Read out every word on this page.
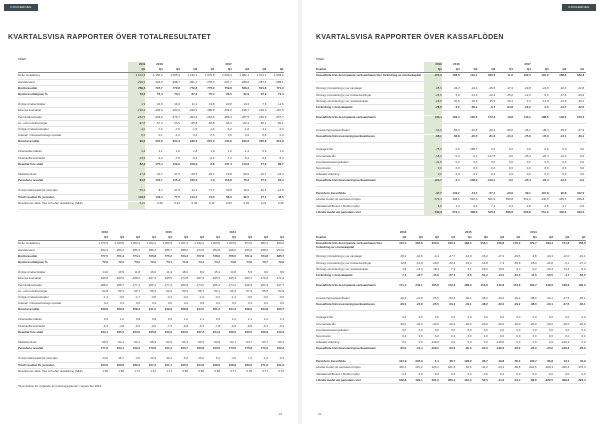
KONCERNEN
KVARTALSVISA RAPPORTER ÖVER TOTALRESULTATET
MSEK
2019	2018	2017
Q1	Q4	Q3	Q2	Q1	Q4	Q3	Q2	Q1
Netto omsättning	1 104,5	1 150,2	1 095,4	1 132,3	1 075,8	1 099,4	1 082,1	1 071,1	1 056,0
Handelsvaror	-296,9	-294,9	-288,7	-291,1	-278,4	-297,7	-289,6	-287,4	-285,1
Bruttoresultat	789,6	797,7	772,8	772,8	775,9	759,8	536,2	521,8	771,0
Bruttoresultatgrad, %	73,3	73,4	73,1	67,9	70,4	69,5	62,9	67,9	73,4
Övriga rörelseintäkter	1,9	16,8	19,4	11,2	13,8	20,8	13,4	7,6	12,6
Externa kostnader	-196,4	-193,9	-182,6	-230,1	-189,8	-194,2	-168,7	-193,3	-187,9
Personalkostnader	-262,5	-294,0	-270,7	-264,9	-264,9	-289,4	-257,5	-252,9	-257,7
Av- och nedskrivningar	-97,8	-67,4	-66,5	-65,8	-66,8	-66,4	-62,2	-60,1	-60,1
Övriga rörelsekostnader	-4,0	-7,0	-7,6	-1,5	-1,6	-6,2	-1,6	-3,2	-2,0
Andelar i intresseföretags resultat	0,6	0,1	-1,2	0,4	0,5	0,5	0,6	0,8	0,4
Rörelseresultat	96,0	237,0	224,4	189,5	215,3	144,6	220,6	255,8	215,9
Finansiella intäkter	1,8	2,1	1,0	1,8	1,9	1,0	1,2	0,9	1,0
Finansiella kostnader	-15,5	-3,3	-7,5	-5,1	-6,2	-7,2	-5,2	-3,4	-5,4
Resultat före skatt	82,3	175,4	152,9	158,9	6,8	137,4	113,6	77,6	86,7
Skattekostnad	-17,8	-40,7	-37,5	-28,6	-25,1	-19,8	-39,6	-20,1	-23,3
Periodens resultat	64,5	134,7	115,4	130,3	1,9	116,8	75,9	57,5	63,4
Övrigt totalresultat för perioden	55,2	8,7	-37,9	14,1	71,7	-30,8	16,6	-40,4	-14,9
Totalt resultat för perioden	119,6	143,4	77,5	144,4	73,6	86,0	92,5	17,1	48,5
Resultat per aktie, före och efter utspädning (SEK)	0,27	0,48	0,43	0,46	0,12	0,55	0,32	0,21	0,20
2016	2015	2014
Q4	Q3	Q2	Q1	Q4	Q3	Q2	Q1	Q4	Q3	Q2	Q1
Netto omsättning	1 079,9	1 040,8	1 060,4	1 022,2	1 060,9	1 021,3	1 032,2	1 000,8	1 024,5	974,9	983,1	940,6
Handelsvaror	-302,4	-289,4	-286,3	-286,4	-285,7	-288,0	-274,6	-252,8	-268,0	-253,0	-258,3	-254,9
Bruttoresultat	777,5	751,4	774,1	735,8	775,2	733,3	757,6	748,0	756,5	721,9	724,8	685,7
Bruttoresultatgrad, %	72,0	72,2	73,0	72,0	73,1	71,8	73,4	74,7	73,8	74,0	73,7	72,9
Övriga rörelseintäkter	14,0	16,5	11,8	16,6	11,9	18,2	8,9	15,1	13,8	5,5	9,0	8,5
Externa kostnader	-199,6	-180,9	-188,2	-187,4	-195,5	-172,8	-187,9	-180,3	-195,4	-183,1	-179,4	-171,6
Personalkostnader	-288,6	-258,7	-277,4	-265,1	-277,2	-250,8	-274,0	-265,4	-274,1	-248,3	-263,4	-247,7
Av- och nedskrivningar	-62,8	-59,4	-60,7	-58,4	-62,0	-59,3	-58,7	-56,1	-65,3	-57,5	-55,8	-53,9
Övriga rörelsekostnader	-1,4	-0,9	-1,7	-0,8	-3,4	-0,2	-1,9	-0,4	-1,4	-0,9	-0,6	-0,5
Andelar i intresseföretags resultat	0,4	0,3	0,5	0,3	0,6	0,4	0,5	0,3	0,3	0,3	0,2	0,2
Rörelseresultat	239,5	269,3	258,4	241,0	249,6	268,8	244,5	261,2	234,4	238,0	234,8	220,7
Finansiella intäkter	0,9	1,0	0,8	0,8	0,9	1,0	1,1	0,9	1,2	1,1	1,2	1,3
Finansiella kostnader	-6,3	-4,8	-6,2	-6,0	-7,3	-6,8	-8,3	-7,8	-9,0	-8,6	-9,1	-9,4
Resultat före skatt	233,1	265,5	253,0	235,8	243,2	263,0	237,3	254,3	226,6	230,5	226,9	212,6
Skattekostnad	-55,5	-62,4	-60,1	-55,9	-52,0	-62,3	-56,5	-60,8	-53,1	-54,7	-53,7	-50,4
Periodens resultat	177,6	203,1	192,9	179,9	191,2	200,7	180,8	193,5	173,5	175,8	173,2	162,2
Övrigt totalresultat för perioden	-14,0	26,7	-3,5	-12,6	-30,1	-5,2	-16,2	5,1	-4,6	7,4	-1,6	-0,3
Totalt resultat för perioden	163,6	229,8	189,4	167,3	161,1	195,5	164,6	198,6	168,9	183,2	171,6	161,9
Resultat per aktie, före och efter utspädning (SEK)	1,99	1,80	1,72	1,61	1,71	0,80	0,80	0,86	0,77	0,78	0,77	0,72
*Nyemission för nyttjande av teckningsoptioner i september 2016.
28
KONCERNEN
KVARTALSVISA RAPPORTER ÖVER KASSAFLÖDEN
MSEK
2019	2018	2017
Kvartal	Q1	Q4	Q3	Q2	Q1	Q4	Q3	Q2	Q1
Kassaflöde från den löpande verksamheten före förändring av rörelsekapital	221,6	168,6	194,1	180,0	11,6	162,3	191,0	188,6	182,8
Ökning(-)/minskning(+) av varulager	-28,3	-43,3	-24,4	-25,5	-17,3	-29,8	-21,8	-20,3	-22,8
Ökning(-)/minskning(+) av rörelsefordringar	-24,6	5,9	-11,6	-10,2	-25,0	-12,3	-5,6	-17,6	-29,9
Ökning(+)/minskning(-) av rörelseskulder	-29,6	32,5	-19,9	15,5	-19,1	2,3	-14,0	-21,9	20,2
Förändring i rörelsekapital	-76,6	-2,2	-59,1	-6,7	-64,8	-22,2	-4,5	-44,7	-32,5
Kassaflöde från den löpande verksamheten	145,1	166,4	135,0	173,3	13,8	140,1	186,5	148,9	150,3
Investeringsverksamheten	-62,9	-56,3	-44,5	-26,2	-49,6	-35,1	-45,4	-35,9	-37,9
Kassaflöde från investeringsverksamheten	-58,1	-60,8	-20,5	-81,6	-34,4	-75,6	-47,3	-44,1	-39,1
Upptagna lån	-75,0	0,0	158,7	0,0	0,0	0,0	0,0	0,0	0,0
Amorterade lån	-18,2	-0,4	-0,2	-147,5	-0,0	-25,4	-23,4	-12,0	-9,0
Amorterad leasingskulder	-31,5	0,0	0,0	0,0	0,0	0,0	0,0	0,0	0,0
Nyemission	0,0	0,0	0,0	0,0	0,0	0,0	0,0	0,0	0,0
Utbetald utdelning	0,0	-2,0	-0,2	-0,2	0,0	0,0	0,0	0,0	0,0
Kassaflöde från finansieringsverksamheten	-124,7	-2,4	-158,9	-149,1	-0,0	-25,4	-23,4	-12,0	-9,0
Periodens kassaflöde	-37,7	103,2	-44,4	-57,4	-20,6	39,1	115,8	92,8	102,2
Likvida medel vid periodens början	573,4	468,9	516,6	566,9	593,8	551,9	440,6	349,5	249,8
Valutakursdifferens i likvida medel	6,6	1,3	-3,3	7,1	-6,3	2,8	-4,5	-1,7	-2,5
Likvida medel vid periodens slut	542,3	573,4	468,9	516,6	566,9	593,8	551,9	440,6	349,5
2016	2015	2014
Kvartal	Q4	Q3	Q2	Q1	Q4	Q3	Q2	Q1	Q4	Q3	Q2	Q1
Kassaflöde från den löpande verksamheten före förändring av rörelsekapital
164,0	284,8	200,6	169,5	182,4	206,1	156,8	176,0	179,7	183,4	171,6	158,5
Ökning(-)/minskning(+) av varulager	-15,2	-10,6	-4,4	-27,7	-14,9	-15,2	-17,2	-23,5	-6,8	-13,4	-12,0	-19,1
Ökning(-)/minskning(+) av rörelsefordringar	18,8	-12,8	-29,0	-22,6	15,4	-16,8	-7,3	-35,9	18,0	-22,8	-5,1	-27,4
Ökning(+)/minskning(-) av rörelseskulder	3,5	-21,3	18,4	-7,2	6,1	-19,2	10,5	-2,0	-0,2	-20,3	12,4	-6,0
Förändring i rörelsekapital	7,1	-44,7	-15,0	-57,5	6,6	-51,2	-14,0	-61,4	11,0	-56,5	-4,7	-52,5
Kassaflöde från den löpande verksamheten	171,1	240,1	185,6	112,0	189,0	154,9	142,8	114,6	190,7	126,9	166,9	106,0
Investeringsverksamheten	-26,2	-21,8	-25,5	-53,3	-40,1	-38,2	-23,0	-29,2	-38,0	-20,1	-27,5	-36,1
Kassaflöde från investeringsverksamheten	-26,2	-21,8	-25,5	-53,3	-40,1	-38,2	-23,0	-29,2	-38,0	-20,1	-27,5	-36,1
Upptagna lån	0,0	0,0	0,0	0,0	0,0	0,0	0,0	0,0	0,0	0,0	0,0	0,0
Amorterade lån	-20,0	-20,0	-20,0	-20,0	-20,0	-20,0	-20,0	-20,0	-20,0	-20,0	-20,0	-20,0
Amorterad leasingskulder	0,0	0,0	0,0	0,0	0,0	0,0	0,0	0,0	0,0	0,0	0,0	0,0
Nyemission	0,0	9,6	0,0	0,0	0,0	0,0	0,0	0,0	0,0	0,0	0,0	0,0
Utbetald utdelning	0,0	0,0	-139,0	0,0	0,0	0,0	-119,6	0,0	0,0	0,0	-106,3	0,0
Kassaflöde från finansieringsverksamheten	-20,0	-10,4	-159,0	-20,0	-20,0	-20,0	-139,6	-20,0	-20,0	-20,0	-126,3	-20,0
Periodens kassaflöde	124,9	207,9	1,1	38,7	128,9	96,7	-19,8	65,4	132,7	86,8	13,1	49,9
Likvida medel vid periodens början	429,1	221,2	220,1	181,4	52,5	-44,2	-24,4	-89,8	-222,5	-309,3	-322,4	-372,3
Valutakursdifferens i likvida medel	-4,2	0,0	0,0	0,0	0,0	0,0	0,0	0,0	0,0	0,0	0,0	0,0
Likvida medel vid periodens slut	549,8	429,1	221,2	220,1	181,4	52,5	-44,2	-24,4	-89,8	-222,5	-309,3	-322,4
29
